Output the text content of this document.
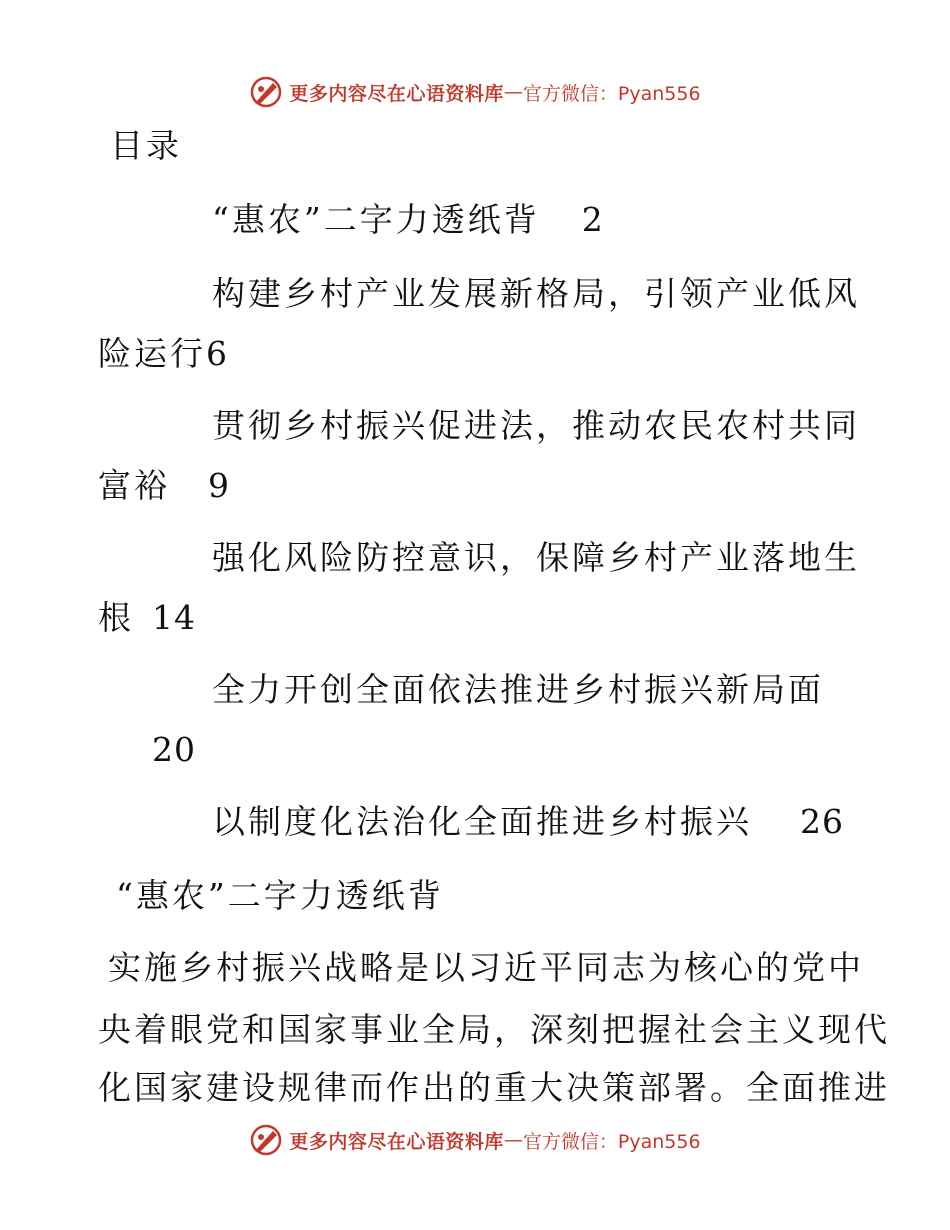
更多内容尽在心语资料库 — 官方微信：Pyan556
目录
“惠农”二字力透纸背 2
构建乡村产业发展新格局，引领产业低风
险运行6
贯彻乡村振兴促进法，推动农民农村共同
富裕 9
强化风险防控意识，保障乡村产业落地生
根 14
全力开创全面依法推进乡村振兴新局面
20
以制度化法治化全面推进乡村振兴 26
“惠农”二字力透纸背
实施乡村振兴战略是以习近平同志为核心的党中
央着眼党和国家事业全局，深刻把握社会主义现代
化国家建设规律而作出的重大决策部署。全面推进
更多内容尽在心语资料库 — 官方微信：Pyan556
